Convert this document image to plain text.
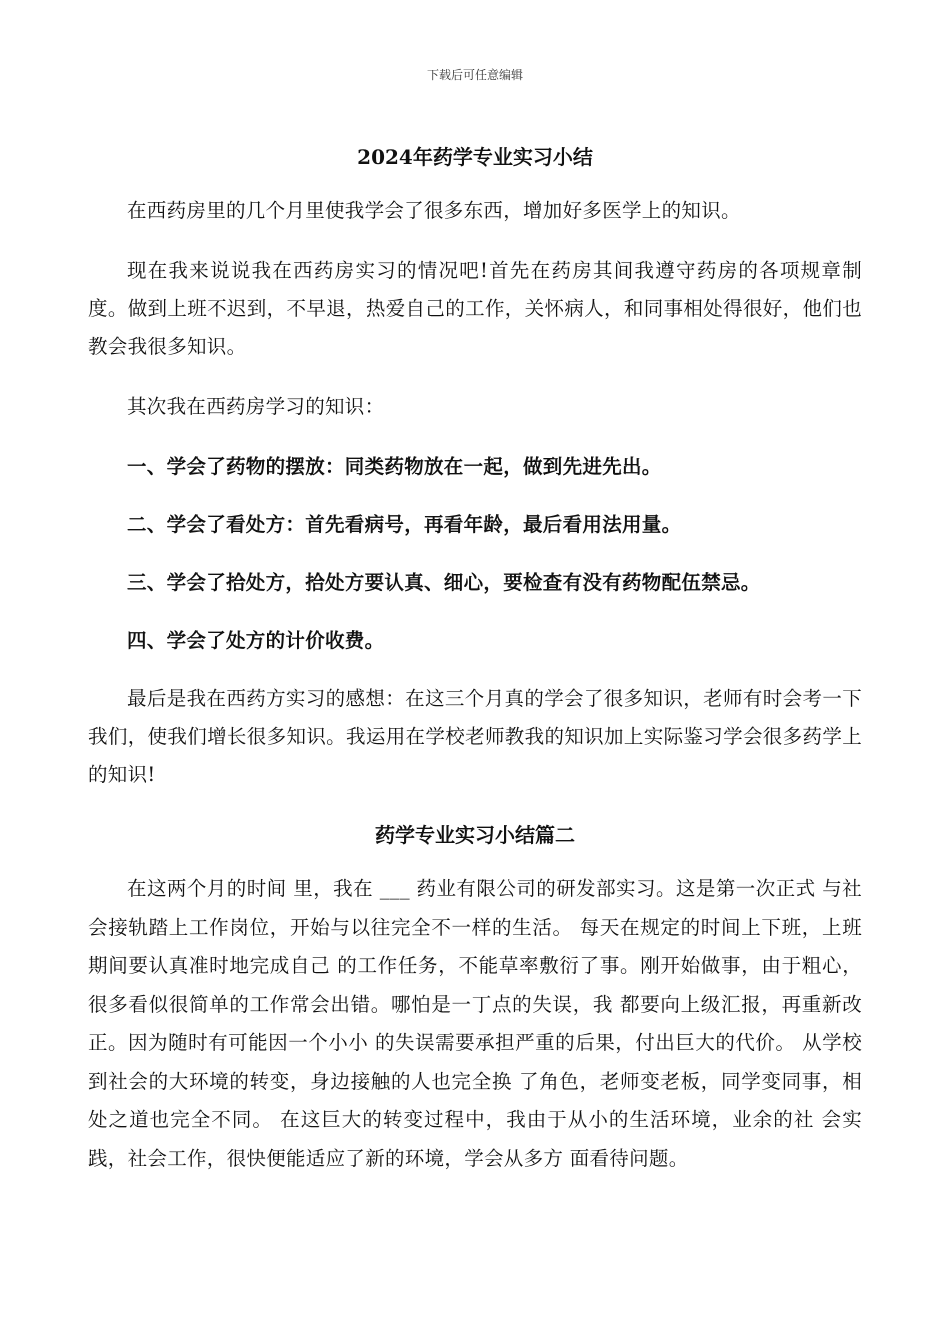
下载后可任意编辑
2024年药学专业实习小结

在西药房里的几个月里使我学会了很多东西，增加好多医学上的知识。

现在我来说说我在西药房实习的情况吧!首先在药房其间我遵守药房的各项规章制度。做到上班不迟到，不早退，热爱自己的工作，关怀病人，和同事相处得很好，他们也教会我很多知识。

其次我在西药房学习的知识：

一、学会了药物的摆放：同类药物放在一起，做到先进先出。

二、学会了看处方：首先看病号，再看年龄，最后看用法用量。

三、学会了拾处方，拾处方要认真、细心，要检查有没有药物配伍禁忌。

四、学会了处方的计价收费。

最后是我在西药方实习的感想：在这三个月真的学会了很多知识，老师有时会考一下我们，使我们增长很多知识。我运用在学校老师教我的知识加上实际鉴习学会很多药学上的知识!

药学专业实习小结篇二

在这两个月的时间 里，我在 ___ 药业有限公司的研发部实习。这是第一次正式 与社会接轨踏上工作岗位，开始与以往完全不一样的生活。 每天在规定的时间上下班，上班期间要认真准时地完成自己 的工作任务，不能草率敷衍了事。刚开始做事，由于粗心， 很多看似很简单的工作常会出错。哪怕是一丁点的失误，我 都要向上级汇报，再重新改正。因为随时有可能因一个小小 的失误需要承担严重的后果，付出巨大的代价。 从学校到社会的大环境的转变，身边接触的人也完全换 了角色，老师变老板，同学变同事，相处之道也完全不同。 在这巨大的转变过程中，我由于从小的生活环境，业余的社 会实践，社会工作，很快便能适应了新的环境，学会从多方 面看待问题。
